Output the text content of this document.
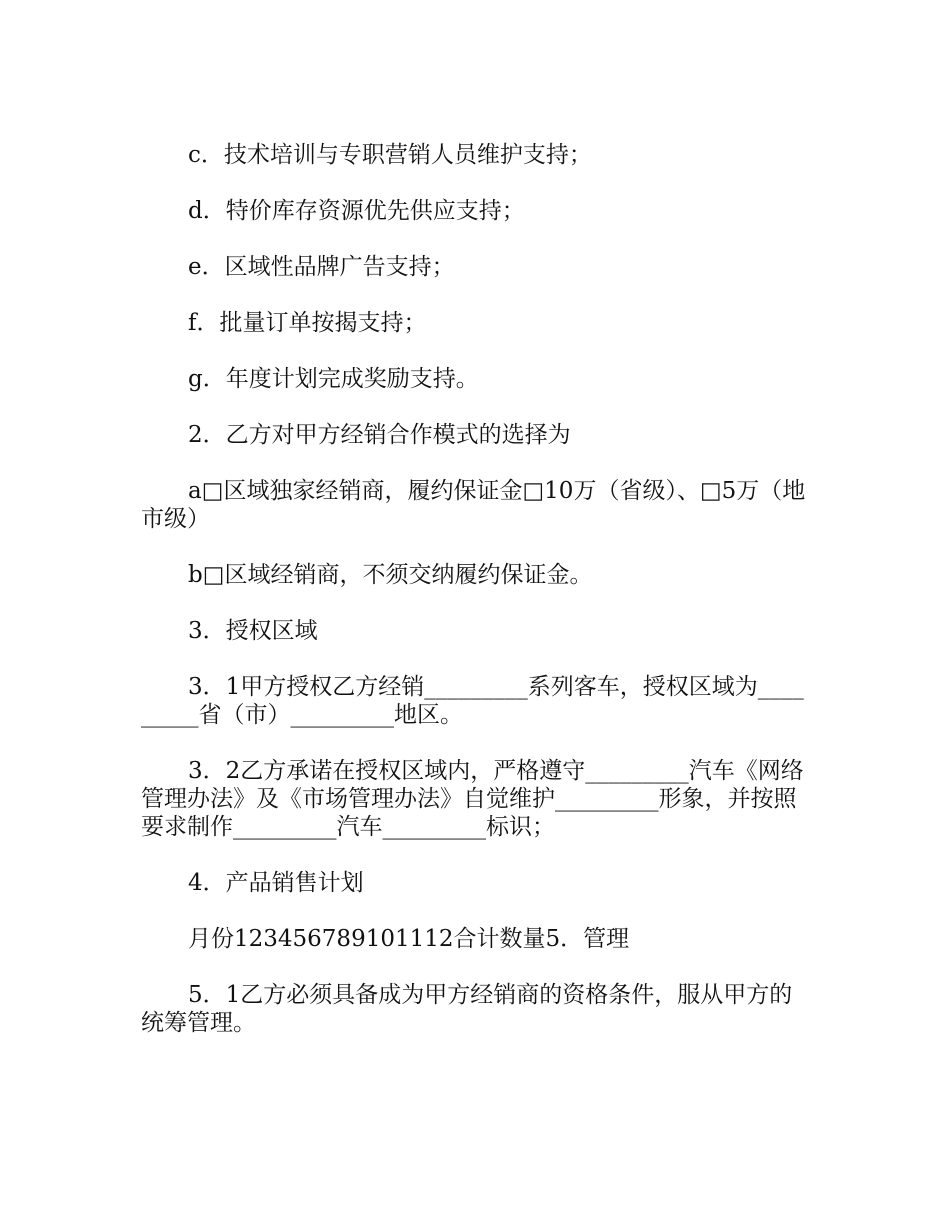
c．技术培训与专职营销人员维护支持；

d．特价库存资源优先供应支持；

e．区域性品牌广告支持；

f．批量订单按揭支持；

g．年度计划完成奖励支持。

2．乙方对甲方经销合作模式的选择为

a□区域独家经销商，履约保证金□10万（省级）、□5万（地市级）

b□区域经销商，不须交纳履约保证金。

3．授权区域

3．1甲方授权乙方经销_________系列客车，授权区域为_________省（市）_________地区。

3．2乙方承诺在授权区域内，严格遵守_________汽车《网络管理办法》及《市场管理办法》自觉维护_________形象，并按照要求制作_________汽车_________标识；

4．产品销售计划

月份123456789101112合计数量5．管理

5．1乙方必须具备成为甲方经销商的资格条件，服从甲方的统筹管理。
